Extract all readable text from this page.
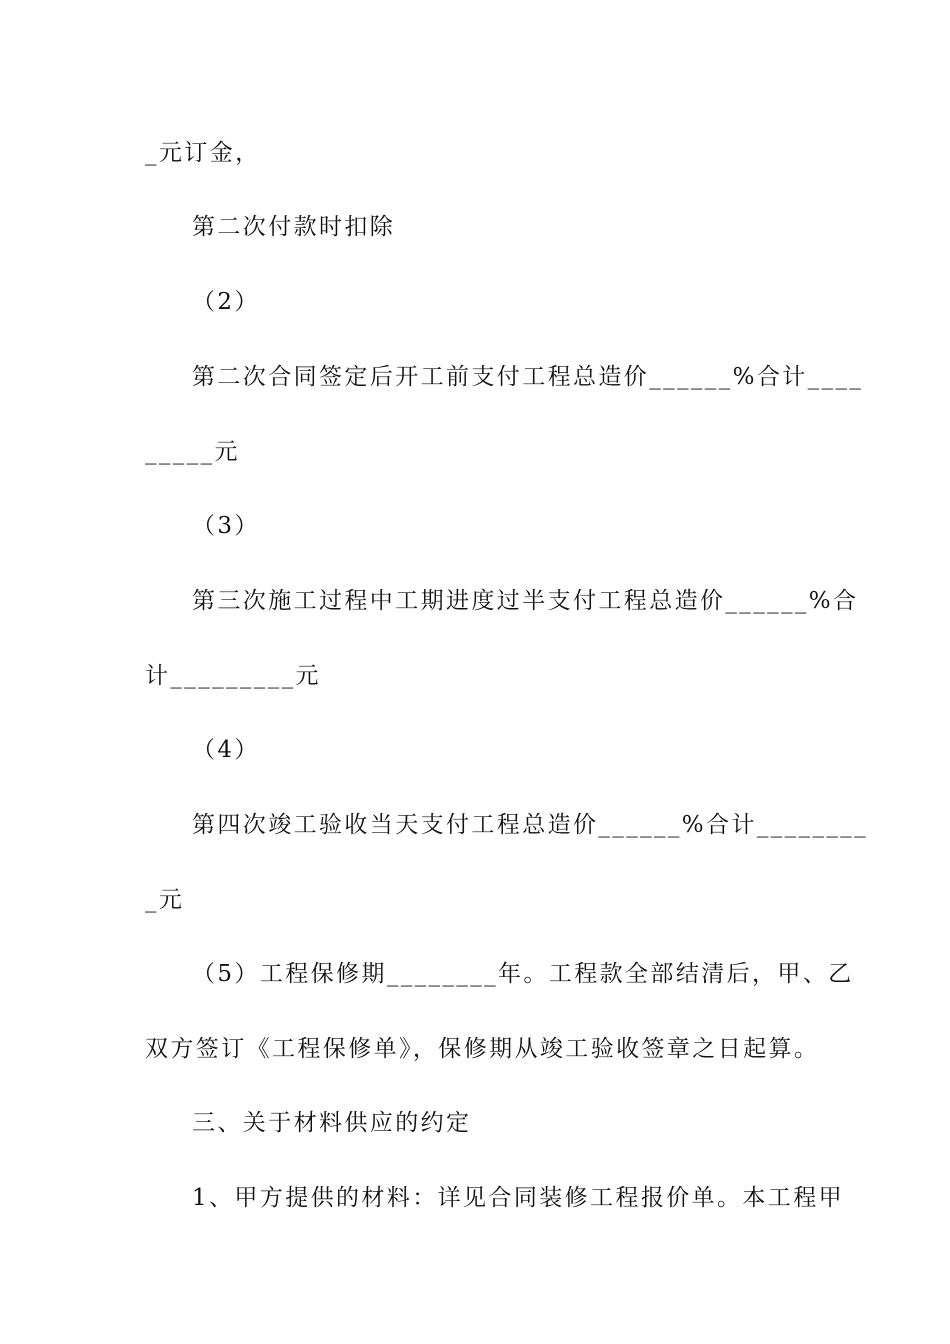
_元订金，
第二次付款时扣除
（2）
第二次合同签定后开工前支付工程总造价______%合计____
_____元
（3）
第三次施工过程中工期进度过半支付工程总造价______%合
计_________元
（4）
第四次竣工验收当天支付工程总造价______%合计________
_元
（5）工程保修期________年。工程款全部结清后，甲、乙
双方签订《工程保修单》，保修期从竣工验收签章之日起算。
三、关于材料供应的约定
1、甲方提供的材料：详见合同装修工程报价单。本工程甲
